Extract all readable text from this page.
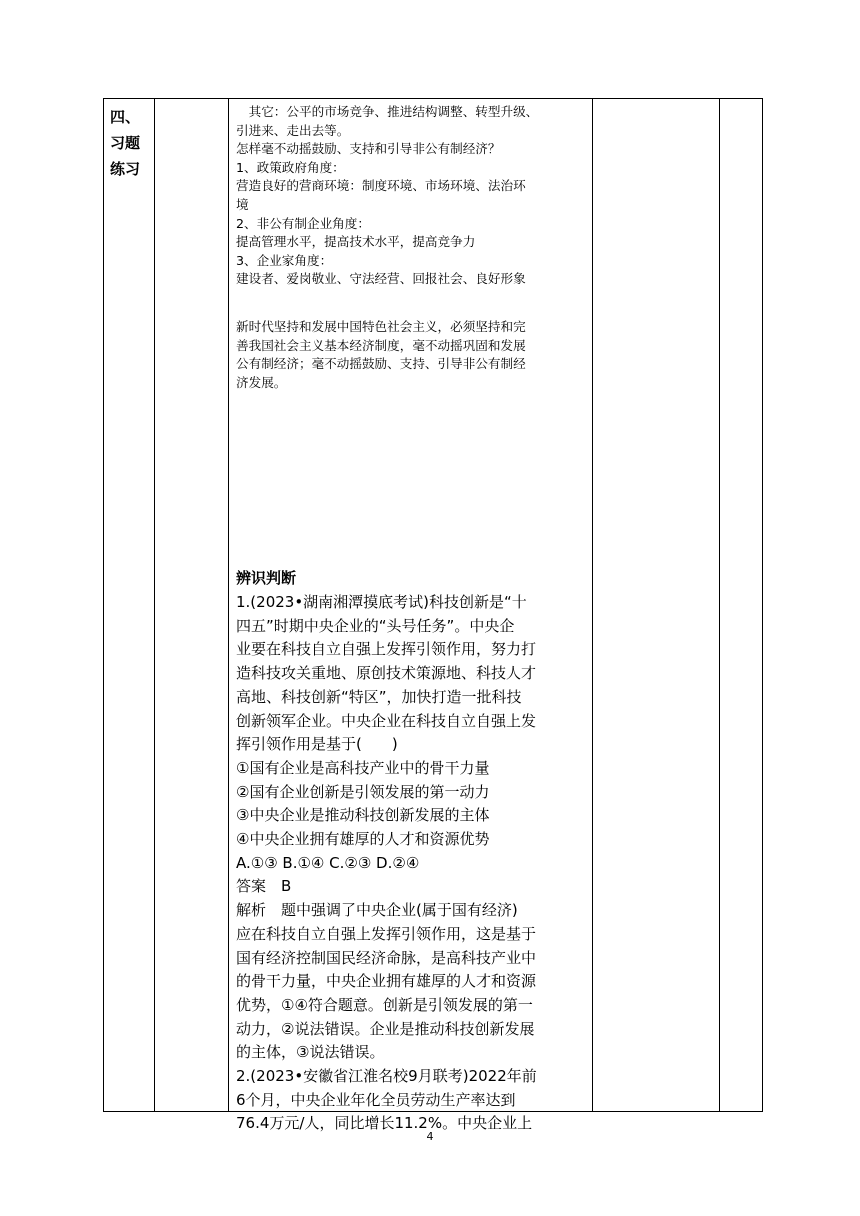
四、
习题
练习
　其它：公平的市场竞争、推进结构调整、转型升级、
引进来、走出去等。
怎样毫不动摇鼓励、支持和引导非公有制经济？
1、政策政府角度：
营造良好的营商环境：制度环境、市场环境、法治环
境
2、非公有制企业角度：
提高管理水平，提高技术水平，提高竞争力
3、企业家角度：
建设者、爱岗敬业、守法经营、回报社会、良好形象
新时代坚持和发展中国特色社会主义，必须坚持和完
善我国社会主义基本经济制度，毫不动摇巩固和发展
公有制经济；毫不动摇鼓励、支持、引导非公有制经
济发展。
辨识判断
1.(2023•湖南湘潭摸底考试)科技创新是“十
四五”时期中央企业的“头号任务”。中央企
业要在科技自立自强上发挥引领作用，努力打
造科技攻关重地、原创技术策源地、科技人才
高地、科技创新“特区”，加快打造一批科技
创新领军企业。中央企业在科技自立自强上发
挥引领作用是基于(　　)
①国有企业是高科技产业中的骨干力量
②国有企业创新是引领发展的第一动力
③中央企业是推动科技创新发展的主体
④中央企业拥有雄厚的人才和资源优势
A.①③ B.①④ C.②③ D.②④
答案　B
解析　题中强调了中央企业(属于国有经济)
应在科技自立自强上发挥引领作用，这是基于
国有经济控制国民经济命脉，是高科技产业中
的骨干力量，中央企业拥有雄厚的人才和资源
优势，①④符合题意。创新是引领发展的第一
动力，②说法错误。企业是推动科技创新发展
的主体，③说法错误。
2.(2023•安徽省江淮名校9月联考)2022年前
6个月，中央企业年化全员劳动生产率达到
76.4万元/人，同比增长11.2%。中央企业上
4
